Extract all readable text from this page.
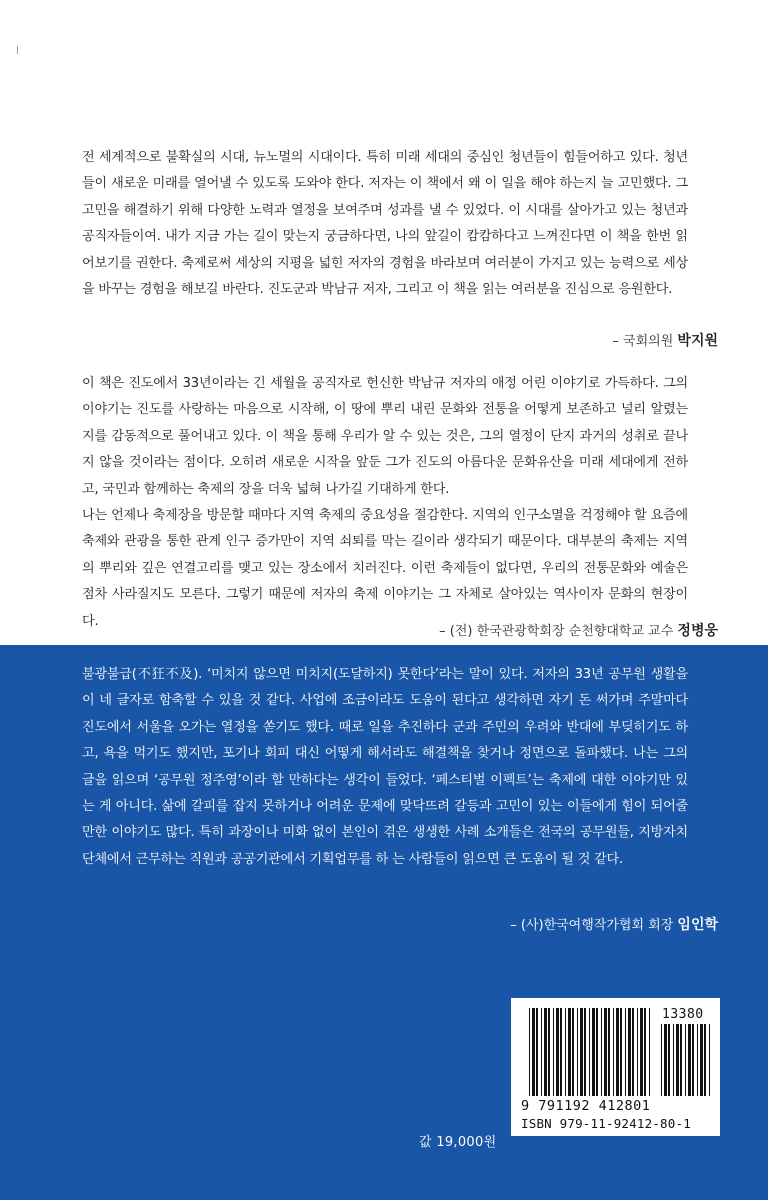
전 세계적으로 불확실의 시대, 뉴노멀의 시대이다. 특히 미래 세대의 중심인 청년들이 힘들어하고 있다. 청년들이 새로운 미래를 열어낼 수 있도록 도와야 한다. 저자는 이 책에서 왜 이 일을 해야 하는지 늘 고민했다. 그 고민을 해결하기 위해 다양한 노력과 열정을 보여주며 성과를 낼 수 있었다. 이 시대를 살아가고 있는 청년과 공직자들이여. 내가 지금 가는 길이 맞는지 궁금하다면, 나의 앞길이 캄캄하다고 느껴진다면 이 책을 한번 읽어보기를 권한다. 축제로써 세상의 지평을 넓힌 저자의 경험을 바라보며 여러분이 가지고 있는 능력으로 세상을 바꾸는 경험을 해보길 바란다. 진도군과 박남규 저자, 그리고 이 책을 읽는 여러분을 진심으로 응원한다.

– 국회의원 박지원

이 책은 진도에서 33년이라는 긴 세월을 공직자로 헌신한 박남규 저자의 애정 어린 이야기로 가득하다. 그의 이야기는 진도를 사랑하는 마음으로 시작해, 이 땅에 뿌리 내린 문화와 전통을 어떻게 보존하고 널리 알렸는지를 감동적으로 풀어내고 있다. 이 책을 통해 우리가 알 수 있는 것은, 그의 열정이 단지 과거의 성취로 끝나지 않을 것이라는 점이다. 오히려 새로운 시작을 앞둔 그가 진도의 아름다운 문화유산을 미래 세대에게 전하고, 국민과 함께하는 축제의 장을 더욱 넓혀 나가길 기대하게 한다.

나는 언제나 축제장을 방문할 때마다 지역 축제의 중요성을 절감한다. 지역의 인구소멸을 걱정해야 할 요즘에 축제와 관광을 통한 관계 인구 증가만이 지역 쇠퇴를 막는 길이라 생각되기 때문이다. 대부분의 축제는 지역의 뿌리와 깊은 연결고리를 맺고 있는 장소에서 치러진다. 이런 축제들이 없다면, 우리의 전통문화와 예술은 점차 사라질지도 모른다. 그렇기 때문에 저자의 축제 이야기는 그 자체로 살아있는 역사이자 문화의 현장이다.

– (전) 한국관광학회장 순천향대학교 교수 정병웅

불광불급(不狂不及). ‘미치지 않으면 미치지(도달하지) 못한다’라는 말이 있다. 저자의 33년 공무원 생활을 이 네 글자로 함축할 수 있을 것 같다. 사업에 조금이라도 도움이 된다고 생각하면 자기 돈 써가며 주말마다 진도에서 서울을 오가는 열정을 쏟기도 했다. 때로 일을 추진하다 군과 주민의 우려와 반대에 부딪히기도 하고, 욕을 먹기도 했지만, 포기나 회피 대신 어떻게 해서라도 해결책을 찾거나 정면으로 돌파했다. 나는 그의 글을 읽으며 ‘공무원 정주영’이라 할 만하다는 생각이 들었다. ‘페스티벌 이펙트’는 축제에 대한 이야기만 있는 게 아니다. 삶에 갈피를 잡지 못하거나 어려운 문제에 맞닥뜨려 갈등과 고민이 있는 이들에게 힘이 되어줄 만한 이야기도 많다. 특히 과장이나 미화 없이 본인이 겪은 생생한 사례 소개들은 전국의 공무원들, 지방자치단체에서 근무하는 직원과 공공기관에서 기획업무를 하 는 사람들이 읽으면 큰 도움이 될 것 같다.

– (사)한국여행작가협회 회장 임인학
값 19,000원
13380
9 791192 412801
ISBN 979-11-92412-80-1
